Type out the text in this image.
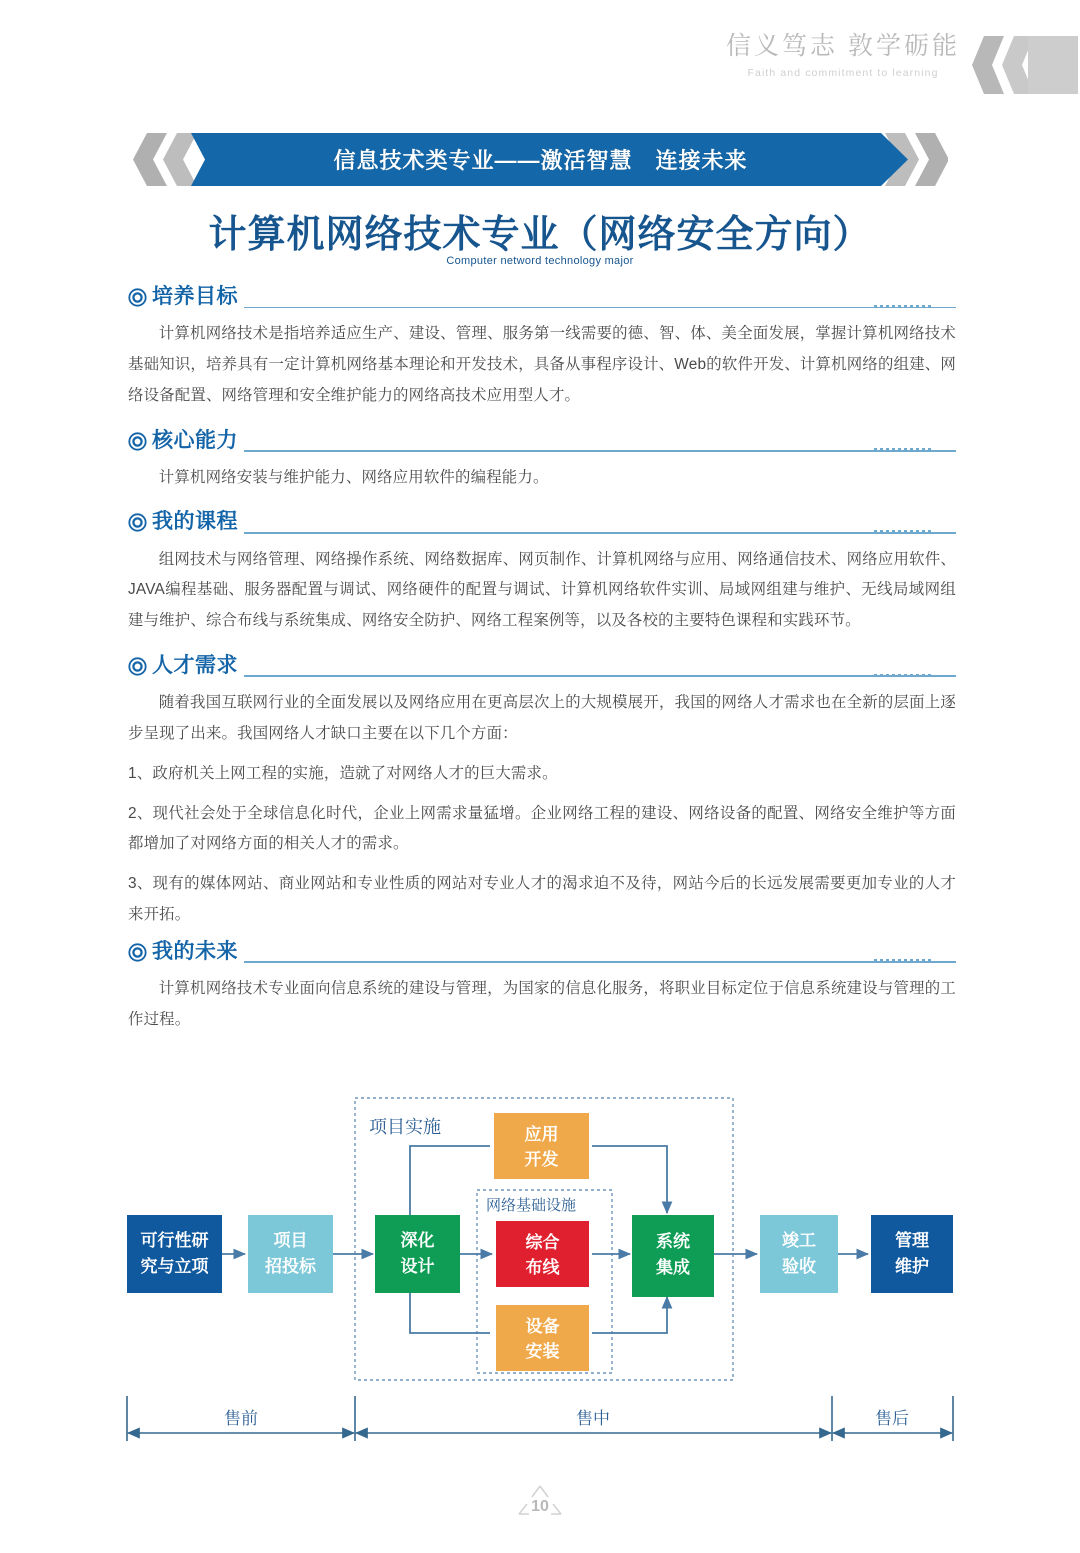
信义笃志 敦学砺能
Faith and commitment to learning
信息技术类专业——激活智慧　连接未来
计算机网络技术专业（网络安全方向）
Computer netword technology major
培养目标

计算机网络技术是指培养适应生产、建设、管理、服务第一线需要的德、智、体、美全面发展，掌握计算机网络技术基础知识，培养具有一定计算机网络基本理论和开发技术，具备从事程序设计、Web的软件开发、计算机网络的组建、网络设备配置、网络管理和安全维护能力的网络高技术应用型人才。

核心能力

计算机网络安装与维护能力、网络应用软件的编程能力。

我的课程

组网技术与网络管理、网络操作系统、网络数据库、网页制作、计算机网络与应用、网络通信技术、网络应用软件、JAVA编程基础、服务器配置与调试、网络硬件的配置与调试、计算机网络软件实训、局域网组建与维护、无线局域网组建与维护、综合布线与系统集成、网络安全防护、网络工程案例等，以及各校的主要特色课程和实践环节。

人才需求

随着我国互联网行业的全面发展以及网络应用在更高层次上的大规模展开，我国的网络人才需求也在全新的层面上逐步呈现了出来。我国网络人才缺口主要在以下几个方面：

1、政府机关上网工程的实施，造就了对网络人才的巨大需求。

2、现代社会处于全球信息化时代，企业上网需求量猛增。企业网络工程的建设、网络设备的配置、网络安全维护等方面都增加了对网络方面的相关人才的需求。

3、现有的媒体网站、商业网站和专业性质的网站对专业人才的渴求迫不及待，网站今后的长远发展需要更加专业的人才来开拓。

我的未来

计算机网络技术专业面向信息系统的建设与管理，为国家的信息化服务，将职业目标定位于信息系统建设与管理的工作过程。

项目实施
网络基础设施
可行性研
究与立项
项目
招投标
深化
设计
应用
开发
综合
布线
设备
安装
系统
集成
竣工
验收
管理
维护
售前	售中	售后
10
